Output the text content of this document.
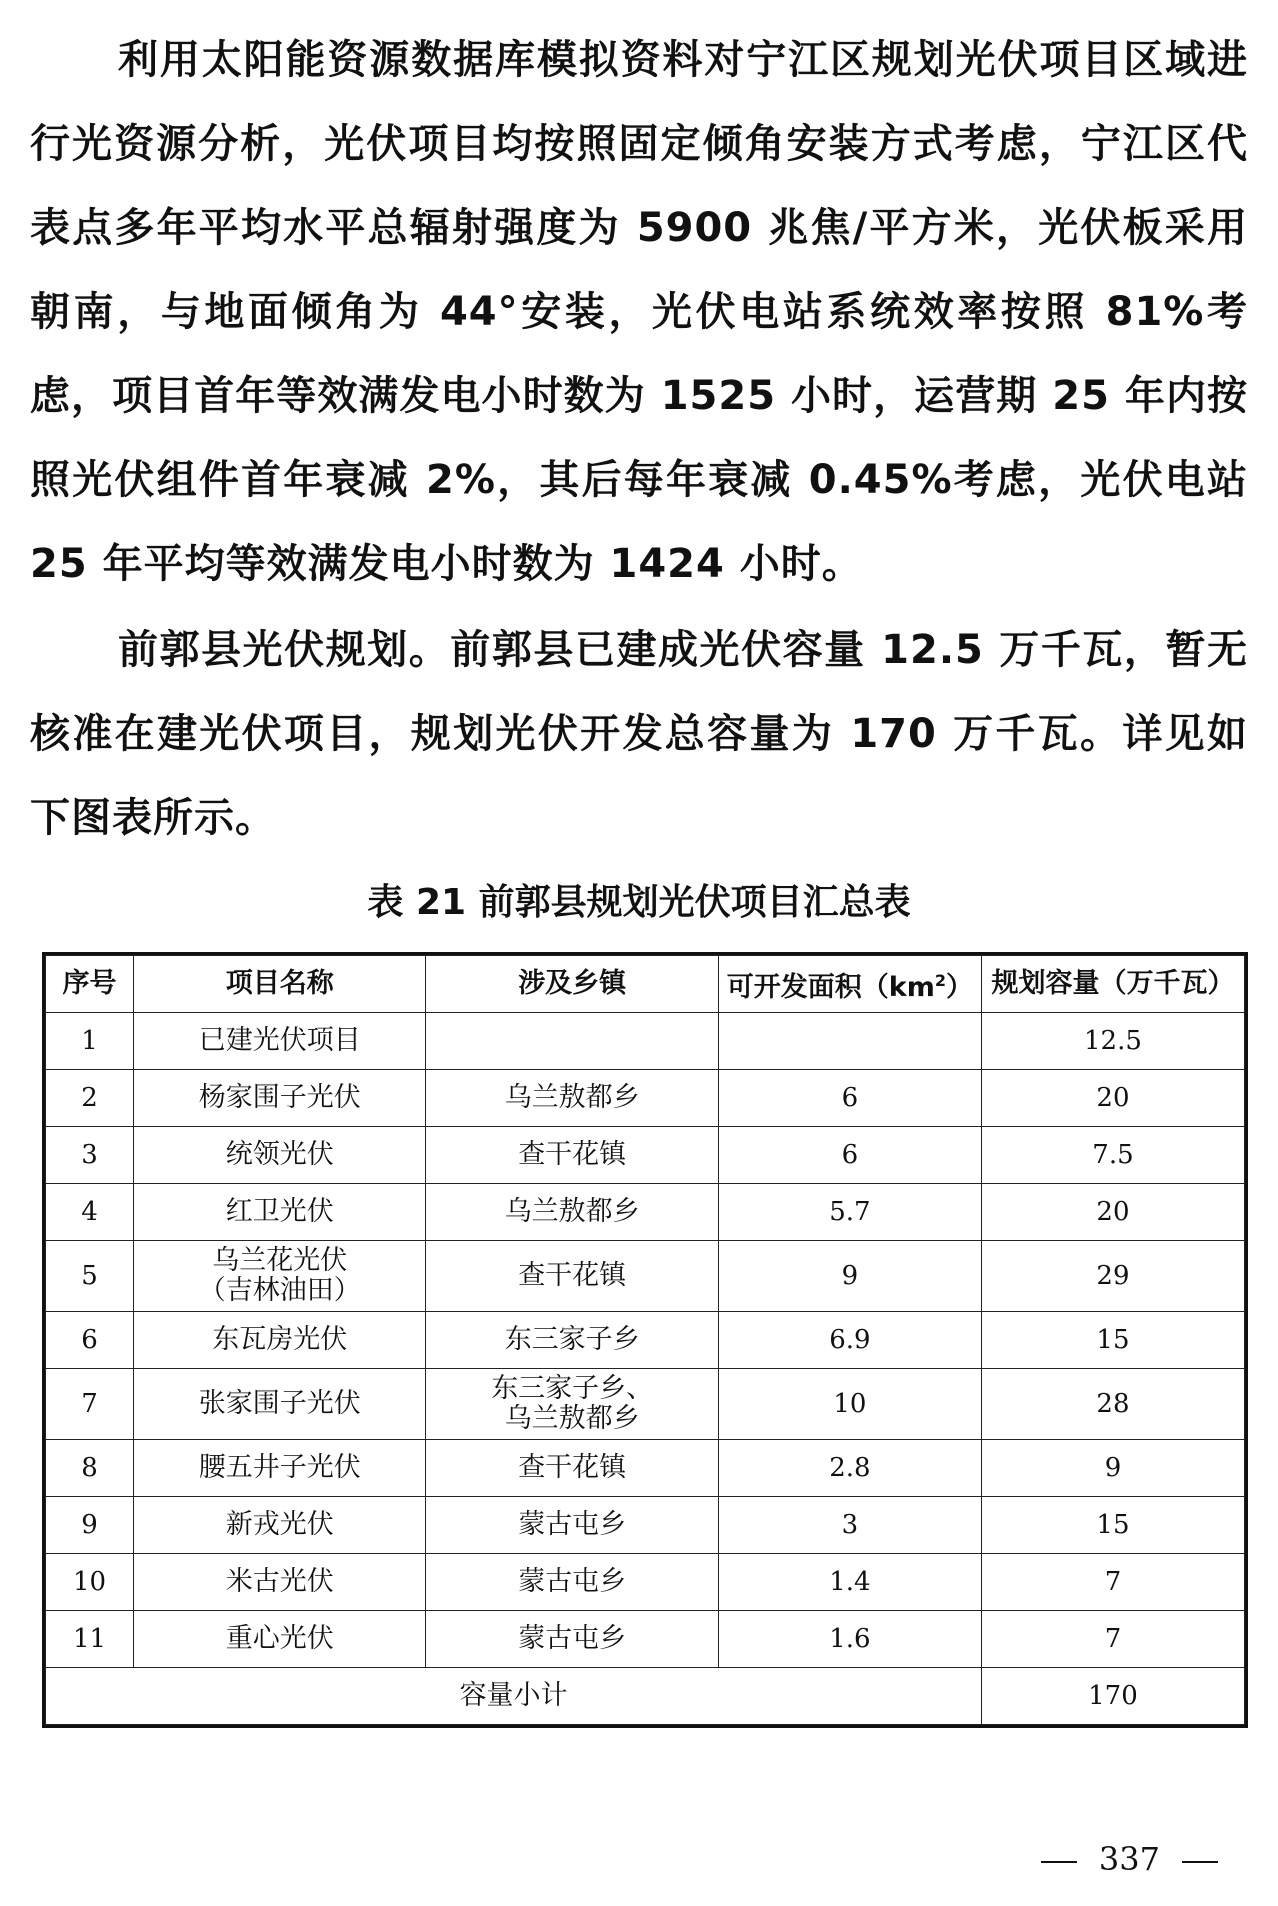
利用太阳能资源数据库模拟资料对宁江区规划光伏项目区域进行光资源分析，光伏项目均按照固定倾角安装方式考虑，宁江区代表点多年平均水平总辐射强度为 5900 兆焦/平方米，光伏板采用朝南，与地面倾角为 44°安装，光伏电站系统效率按照 81%考虑，项目首年等效满发电小时数为 1525 小时，运营期 25 年内按照光伏组件首年衰减 2%，其后每年衰减 0.45%考虑，光伏电站 25 年平均等效满发电小时数为 1424 小时。

前郭县光伏规划。前郭县已建成光伏容量 12.5 万千瓦，暂无核准在建光伏项目，规划光伏开发总容量为 170 万千瓦。详见如下图表所示。

表 21 前郭县规划光伏项目汇总表
序号	项目名称	涉及乡镇	可开发面积$(km^2)$	规划容量（万千瓦）
1	已建光伏项目			12.5
2	杨家围子光伏	乌兰敖都乡	6	20
3	统领光伏	查干花镇	6	7.5
4	红卫光伏	乌兰敖都乡	5.7	20
5	乌兰花光伏
（吉林油田）	查干花镇	9	29
6	东瓦房光伏	东三家子乡	6.9	15
7	张家围子光伏	东三家子乡、
乌兰敖都乡	10	28
8	腰五井子光伏	查干花镇	2.8	9
9	新戎光伏	蒙古屯乡	3	15
10	米古光伏	蒙古屯乡	1.4	7
11	重心光伏	蒙古屯乡	1.6	7
容量小计				170
337
